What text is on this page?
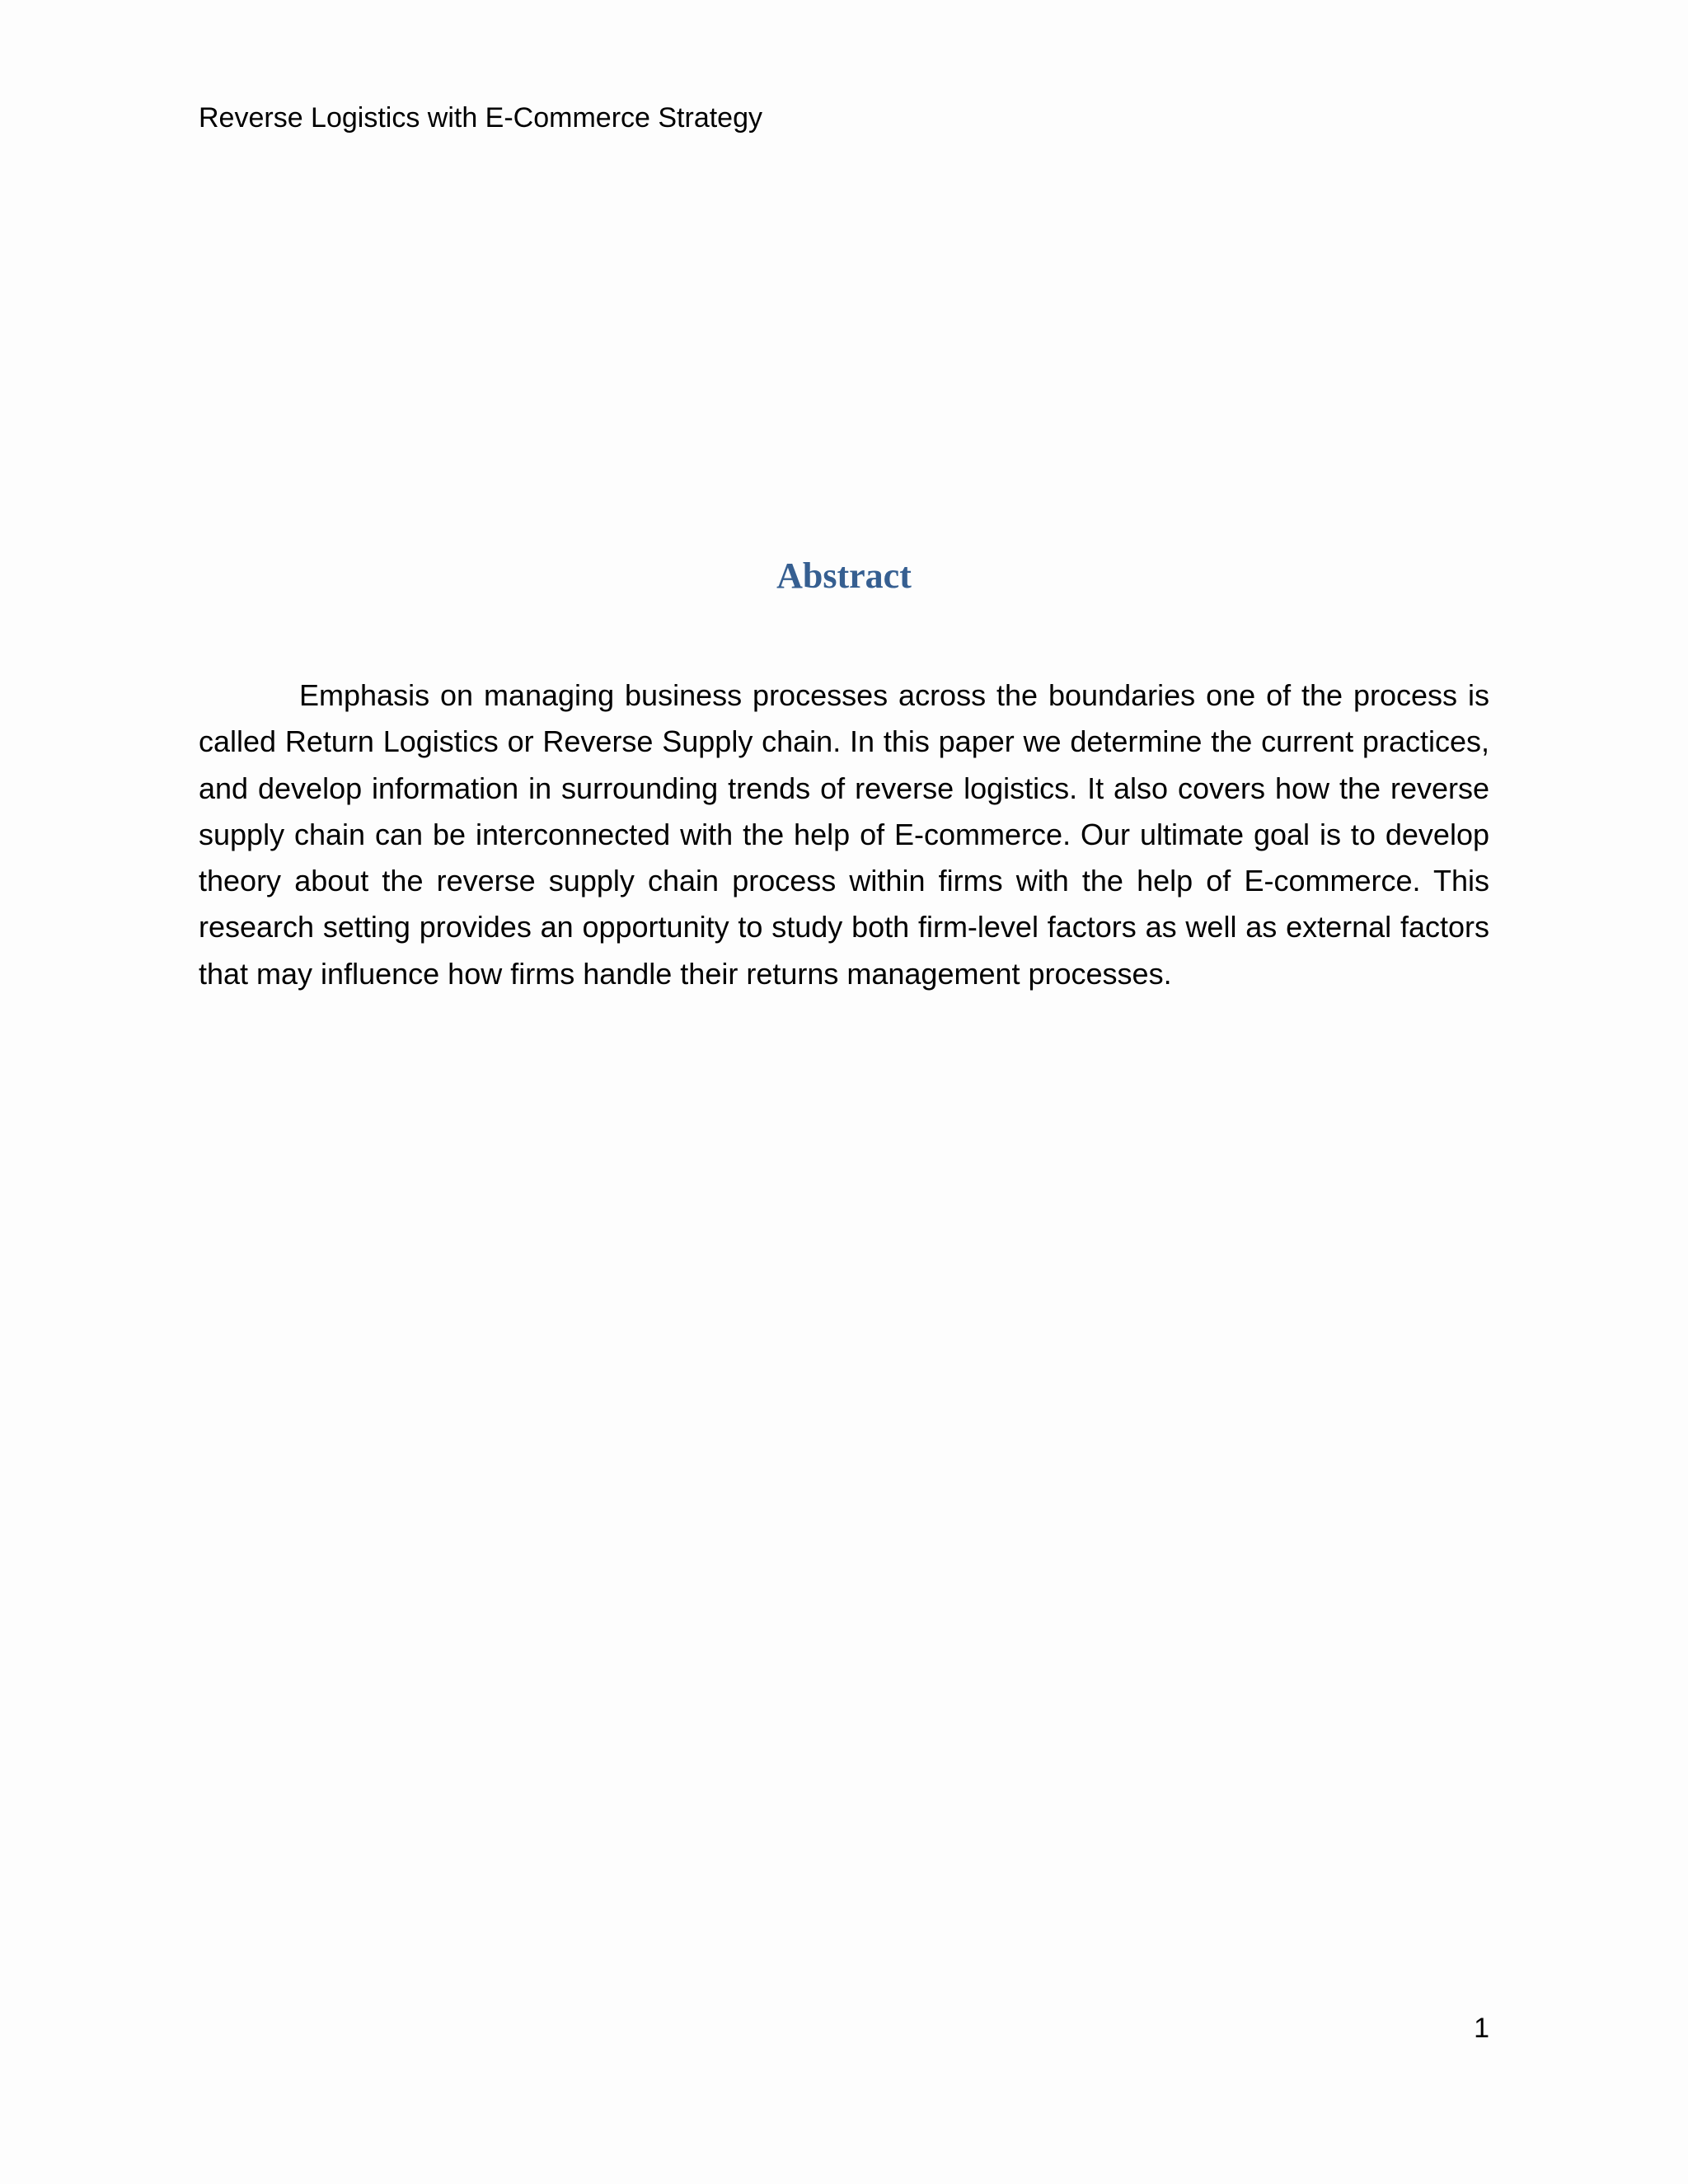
Reverse Logistics with E-Commerce Strategy
Abstract

Emphasis on managing business processes across the boundaries one of the process is called Return Logistics or Reverse Supply chain. In this paper we determine the current practices, and develop information in surrounding trends of reverse logistics. It also covers how the reverse supply chain can be interconnected with the help of E-commerce. Our ultimate goal is to develop theory about the reverse supply chain process within firms with the help of E-commerce. This research setting provides an opportunity to study both firm-level factors as well as external factors that may influence how firms handle their returns management processes.

1
